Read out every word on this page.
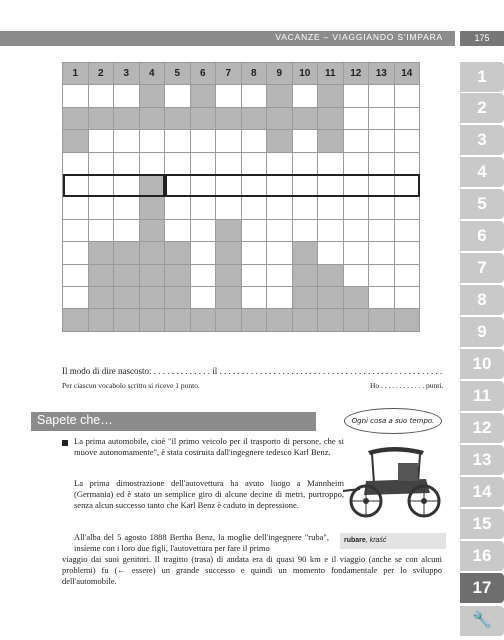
VACANZE – VIAGGIANDO S'IMPARA	175
1
2
3
4
5
6
7
8
9
10
11
12
13
14
15
16
17
🔧
1	2	3	4	5	6	7	8	9	10	11	12	13	14

Il modo di dire nascosto: . . . . . . . . . . . . . il . . . . . . . . . . . . . . . . . . . . . . . . . . . . . . . . . . . . . . . . . . . . . . . . . .
Per ciascun vocabolo scritto si riceve 1 punto.	Ho . . . . . . . . . . . . punti.
Sapete che…	Ogni cosa a suo tempo.
La prima automobile, cioè "il primo veicolo per il trasporto di persone, che si muove autonomamente", è stata costruita dall'ingegnere tedesco Karl Benz.
La prima dimostrazione dell'autovettura ha avuto luogo a Mannheim (Germania) ed è stato un semplice giro di alcune decine di metri, purtroppo, senza alcun successo tanto che Karl Benz è caduto in depressione.
All'alba del 5 agosto 1888 Bertha Benz, la moglie dell'ingegnere "ruba", insieme con i loro due figli, l'autovettura per fare il primo
viaggio dai suoi genitori. Il tragitto (trasa) di andata era di quasi 90 km e il viaggio (anche se con alcuni problemi) fu (← essere) un grande successo e quindi un momento fondamentale per lo sviluppo dell'automobile.
rubare, kraść
